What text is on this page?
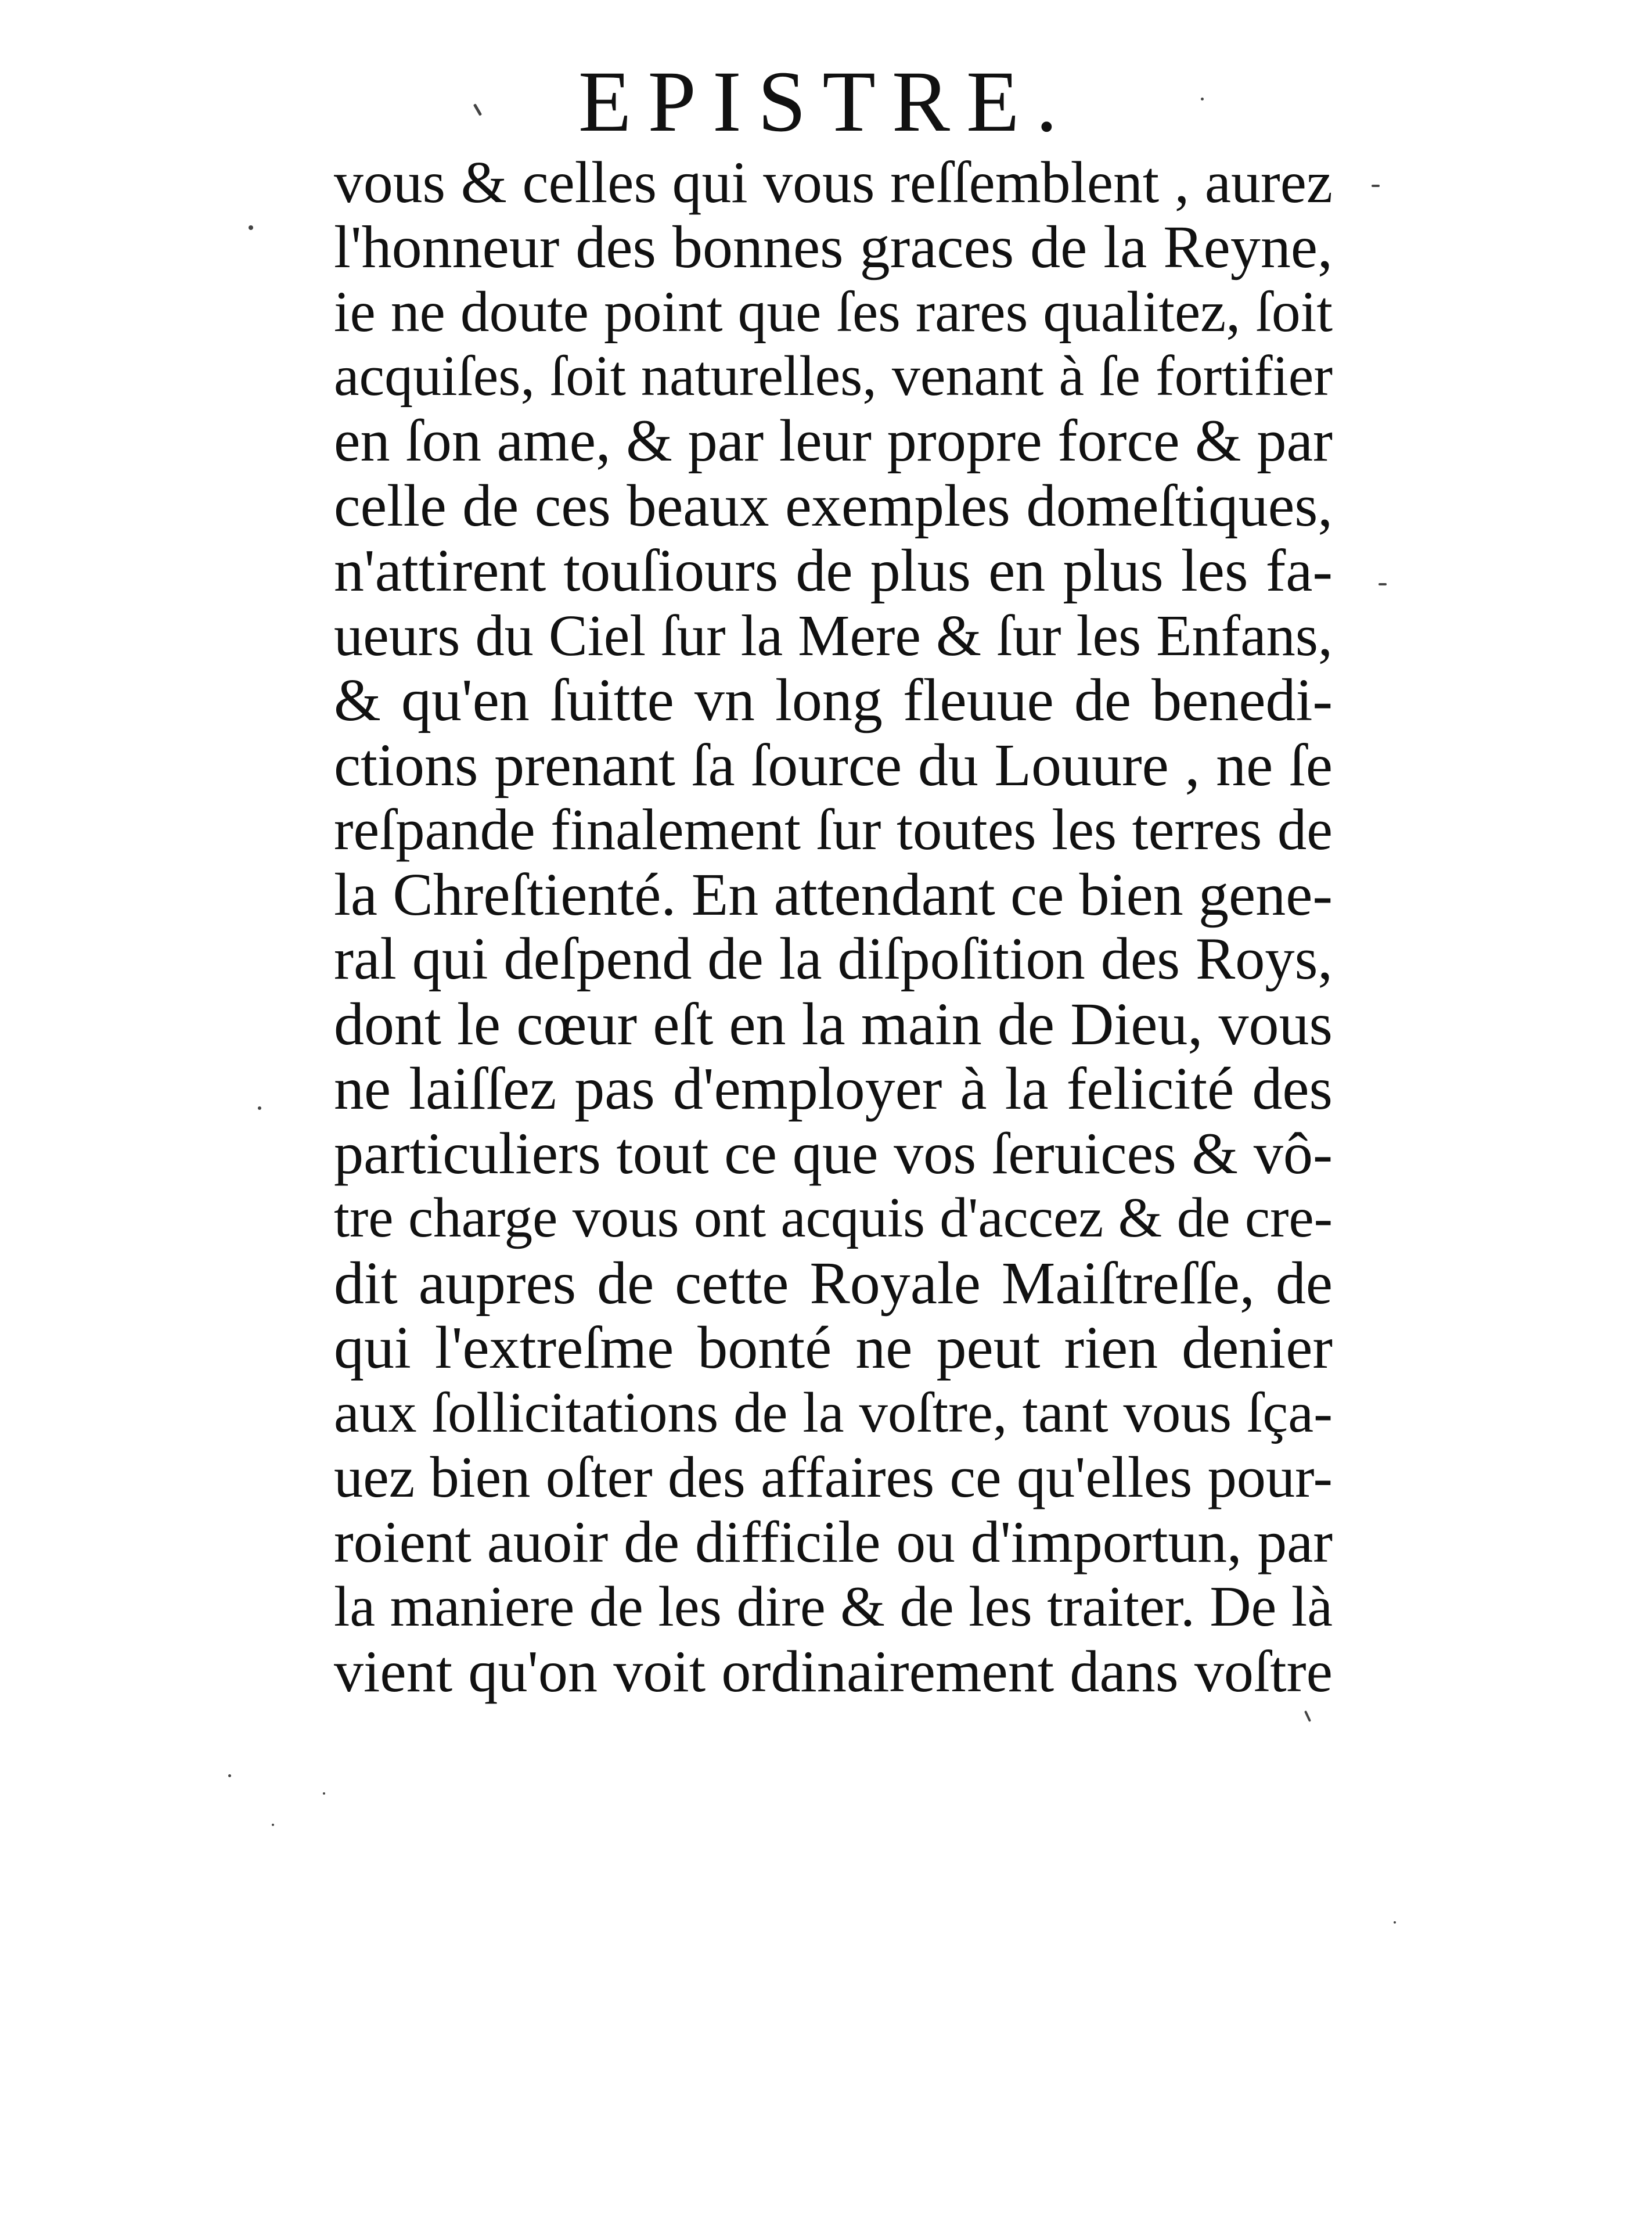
EPISTRE.
vous & celles qui vous reſſemblent , aurez
l'honneur des bonnes graces de la Reyne,
ie ne doute point que ſes rares qualitez, ſoit
acquiſes, ſoit naturelles, venant à ſe fortifier
en ſon ame, & par leur propre force & par
celle de ces beaux exemples domeſtiques,
n'attirent touſiours de plus en plus les fa-
ueurs du Ciel ſur la Mere & ſur les Enfans,
& qu'en ſuitte vn long fleuue de benedi-
ctions prenant ſa ſource du Louure , ne ſe
reſpande finalement ſur toutes les terres de
la Chreſtienté. En attendant ce bien gene-
ral qui deſpend de la diſpoſition des Roys,
dont le cœur eſt en la main de Dieu, vous
ne laiſſez pas d'employer à la felicité des
particuliers tout ce que vos ſeruices & vô-
tre charge vous ont acquis d'accez & de cre-
dit aupres de cette Royale Maiſtreſſe, de
qui l'extreſme bonté ne peut rien denier
aux ſollicitations de la voſtre, tant vous ſça-
uez bien oſter des affaires ce qu'elles pour-
roient auoir de difficile ou d'importun, par
la maniere de les dire & de les traiter. De là
vient qu'on voit ordinairement dans voſtre
